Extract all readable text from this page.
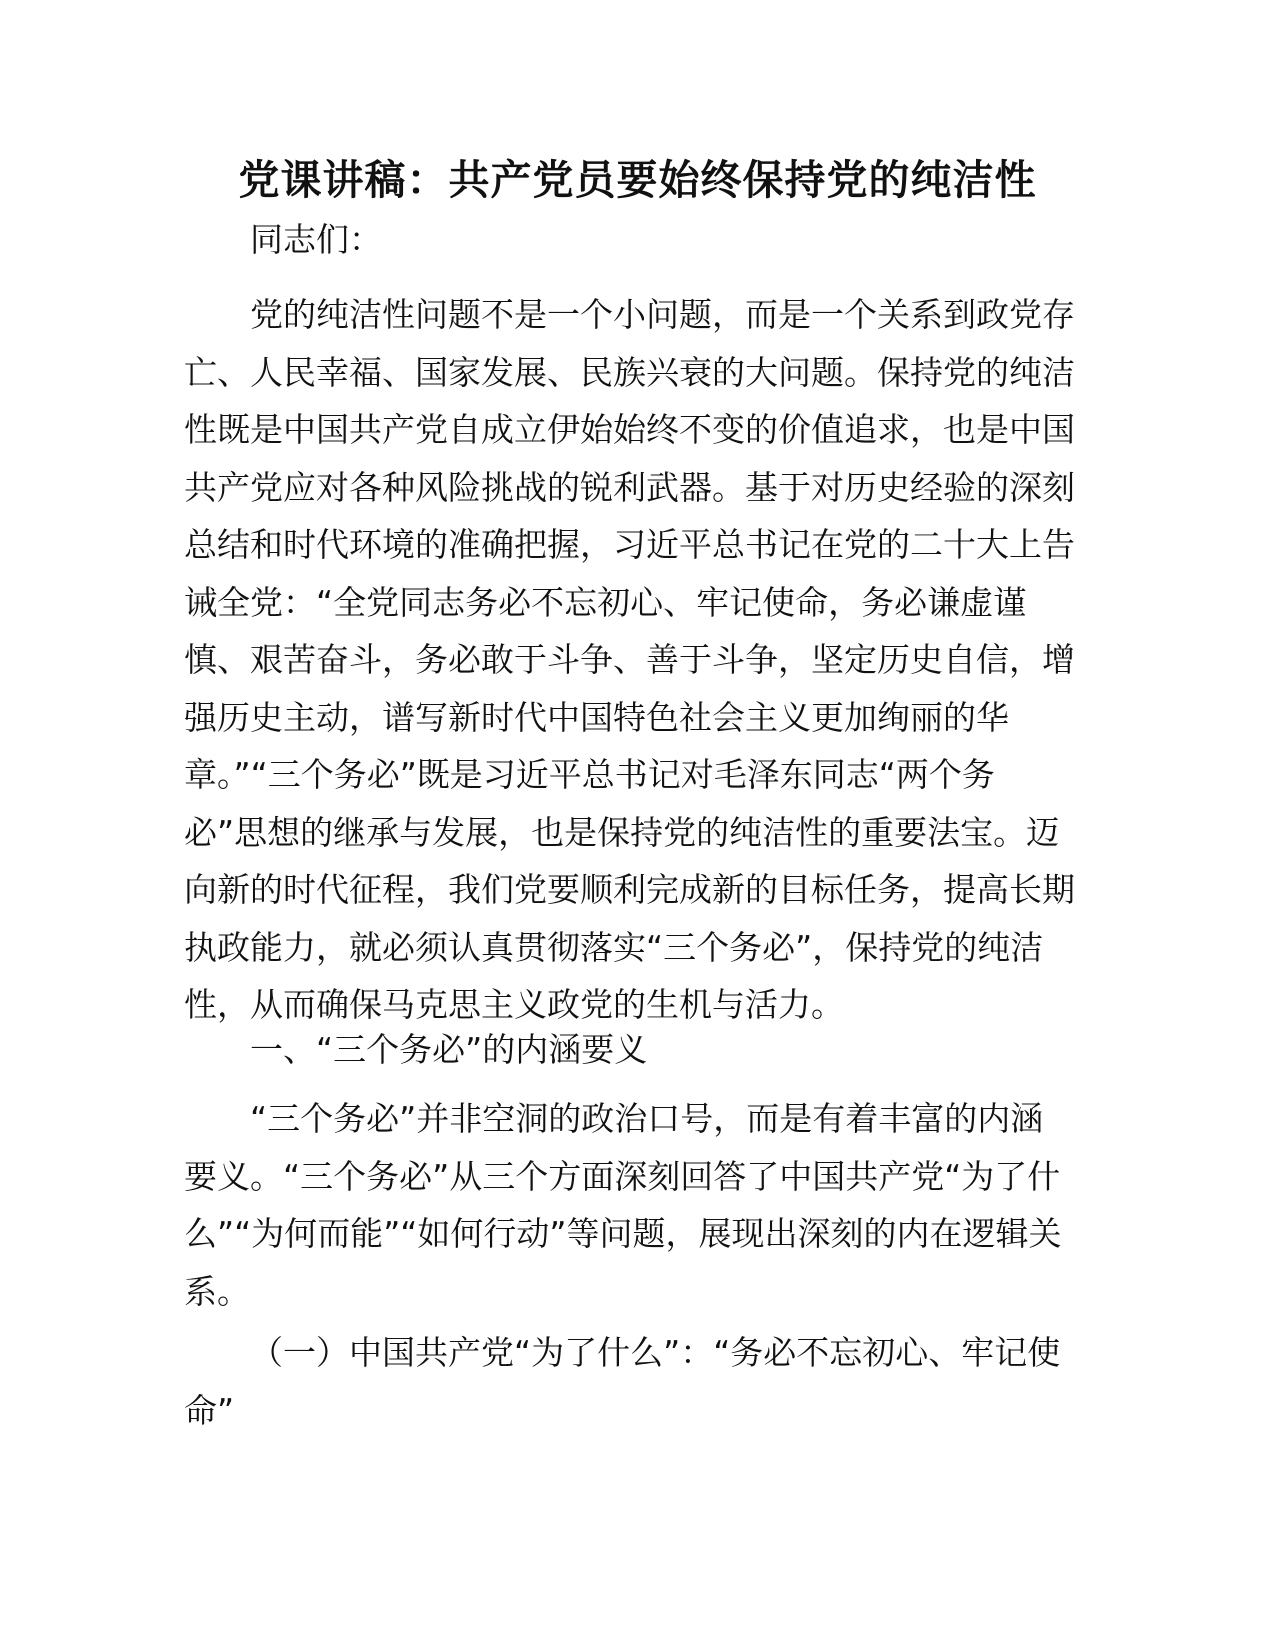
党课讲稿：共产党员要始终保持党的纯洁性
同志们：
党的纯洁性问题不是一个小问题，而是一个关系到政党存
亡、人民幸福、国家发展、民族兴衰的大问题。保持党的纯洁
性既是中国共产党自成立伊始始终不变的价值追求，也是中国
共产党应对各种风险挑战的锐利武器。基于对历史经验的深刻
总结和时代环境的准确把握，习近平总书记在党的二十大上告
诫全党：“全党同志务必不忘初心、牢记使命，务必谦虚谨
慎、艰苦奋斗，务必敢于斗争、善于斗争，坚定历史自信，增
强历史主动，谱写新时代中国特色社会主义更加绚丽的华
章。”“三个务必”既是习近平总书记对毛泽东同志“两个务
必”思想的继承与发展，也是保持党的纯洁性的重要法宝。迈
向新的时代征程，我们党要顺利完成新的目标任务，提高长期
执政能力，就必须认真贯彻落实“三个务必”，保持党的纯洁
性，从而确保马克思主义政党的生机与活力。
一、“三个务必”的内涵要义
“三个务必”并非空洞的政治口号，而是有着丰富的内涵
要义。“三个务必”从三个方面深刻回答了中国共产党“为了什
么”“为何而能”“如何行动”等问题，展现出深刻的内在逻辑关
系。
（一）中国共产党“为了什么”：“务必不忘初心、牢记使
命”
